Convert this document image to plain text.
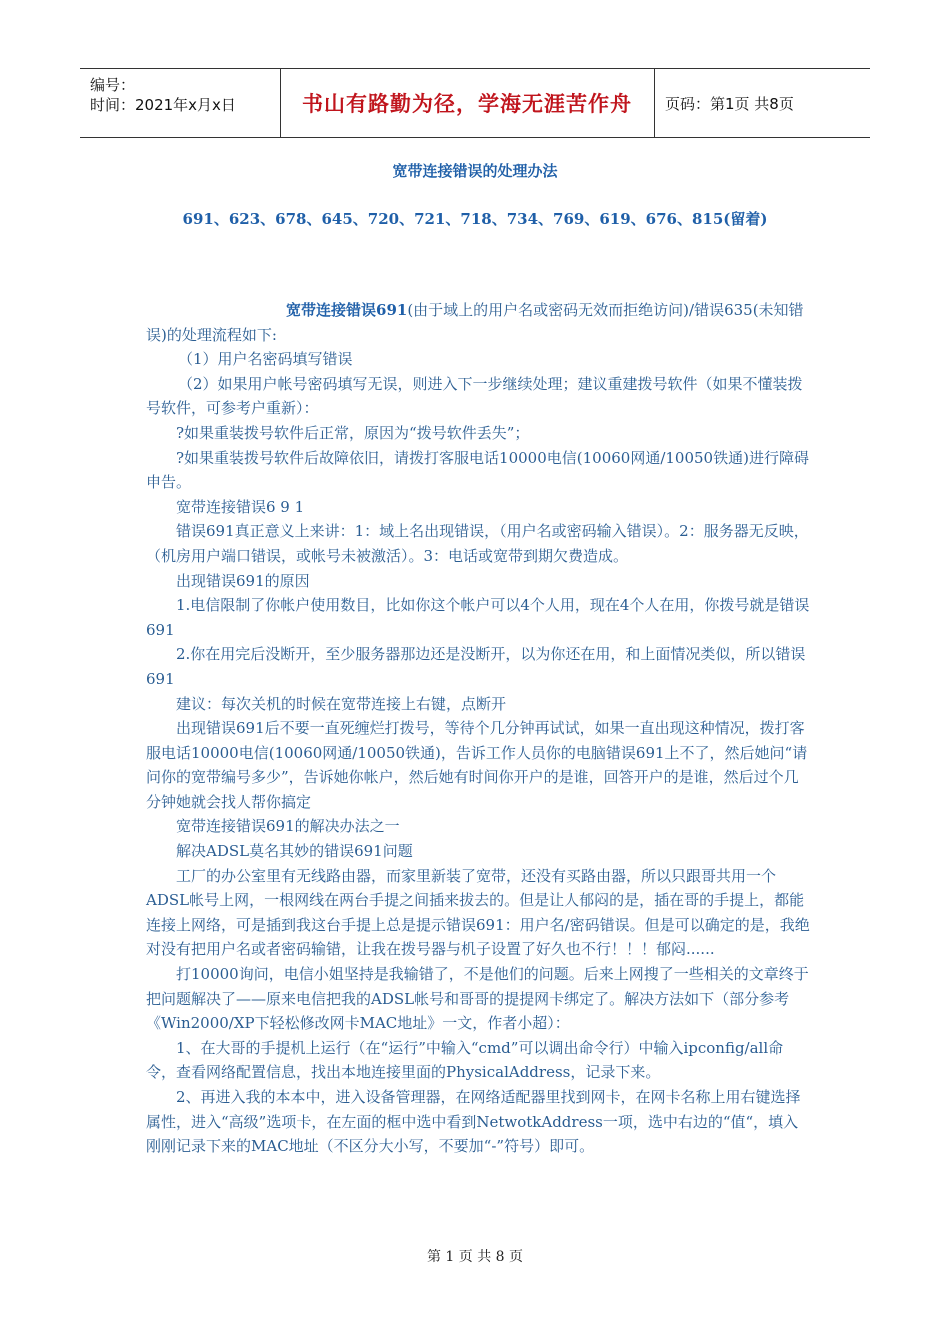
编号：
时间：2021年x月x日	书山有路勤为径，学海无涯苦作舟	页码：第1页 共8页
宽带连接错误的处理办法
691、623、678、645、720、721、718、734、769、619、676、815(留着)

宽带连接错误691(由于域上的用户名或密码无效而拒绝访问)/错误635(未知错误)的处理流程如下:

（1）用户名密码填写错误

（2）如果用户帐号密码填写无误，则进入下一步继续处理；建议重建拨号软件（如果不懂装拨号软件，可参考户重新）：

?如果重装拨号软件后正常，原因为“拨号软件丢失”；

?如果重装拨号软件后故障依旧，请拨打客服电话10000电信(10060网通/10050铁通)进行障碍申告。

宽带连接错误6 9 1

错误691真正意义上来讲：1：域上名出现错误，（用户名或密码输入错误）。2：服务器无反映，（机房用户端口错误，或帐号未被激活）。3：电话或宽带到期欠费造成。

出现错误691的原因

1.电信限制了你帐户使用数目，比如你这个帐户可以4个人用，现在4个人在用，你拨号就是错误691

2.你在用完后没断开，至少服务器那边还是没断开，以为你还在用，和上面情况类似，所以错误691

建议：每次关机的时候在宽带连接上右键，点断开

出现错误691后不要一直死缠烂打拨号，等待个几分钟再试试，如果一直出现这种情况，拨打客服电话10000电信(10060网通/10050铁通)，告诉工作人员你的电脑错误691上不了，然后她问“请问你的宽带编号多少”，告诉她你帐户，然后她有时间你开户的是谁，回答开户的是谁，然后过个几分钟她就会找人帮你搞定

宽带连接错误691的解决办法之一

解决ADSL莫名其妙的错误691问题

工厂的办公室里有无线路由器，而家里新装了宽带，还没有买路由器，所以只跟哥共用一个ADSL帐号上网，一根网线在两台手提之间插来拔去的。但是让人郁闷的是，插在哥的手提上，都能连接上网络，可是插到我这台手提上总是提示错误691：用户名/密码错误。但是可以确定的是，我绝对没有把用户名或者密码输错，让我在拨号器与机子设置了好久也不行！！！郁闷......

打10000询问，电信小姐坚持是我输错了，不是他们的问题。后来上网搜了一些相关的文章终于把问题解决了——原来电信把我的ADSL帐号和哥哥的提提网卡绑定了。解决方法如下（部分参考《Win2000/XP下轻松修改网卡MAC地址》一文，作者小超）：

1、在大哥的手提机上运行（在“运行”中输入“cmd”可以调出命令行）中输入ipconfig/all命令，查看网络配置信息，找出本地连接里面的PhysicalAddress，记录下来。

2、再进入我的本本中，进入设备管理器，在网络适配器里找到网卡，在网卡名称上用右键选择属性，进入“高级”选项卡，在左面的框中选中看到NetwotkAddress一项，选中右边的“值“，填入刚刚记录下来的MAC地址（不区分大小写，不要加“-”符号）即可。

第 1 页 共 8 页
